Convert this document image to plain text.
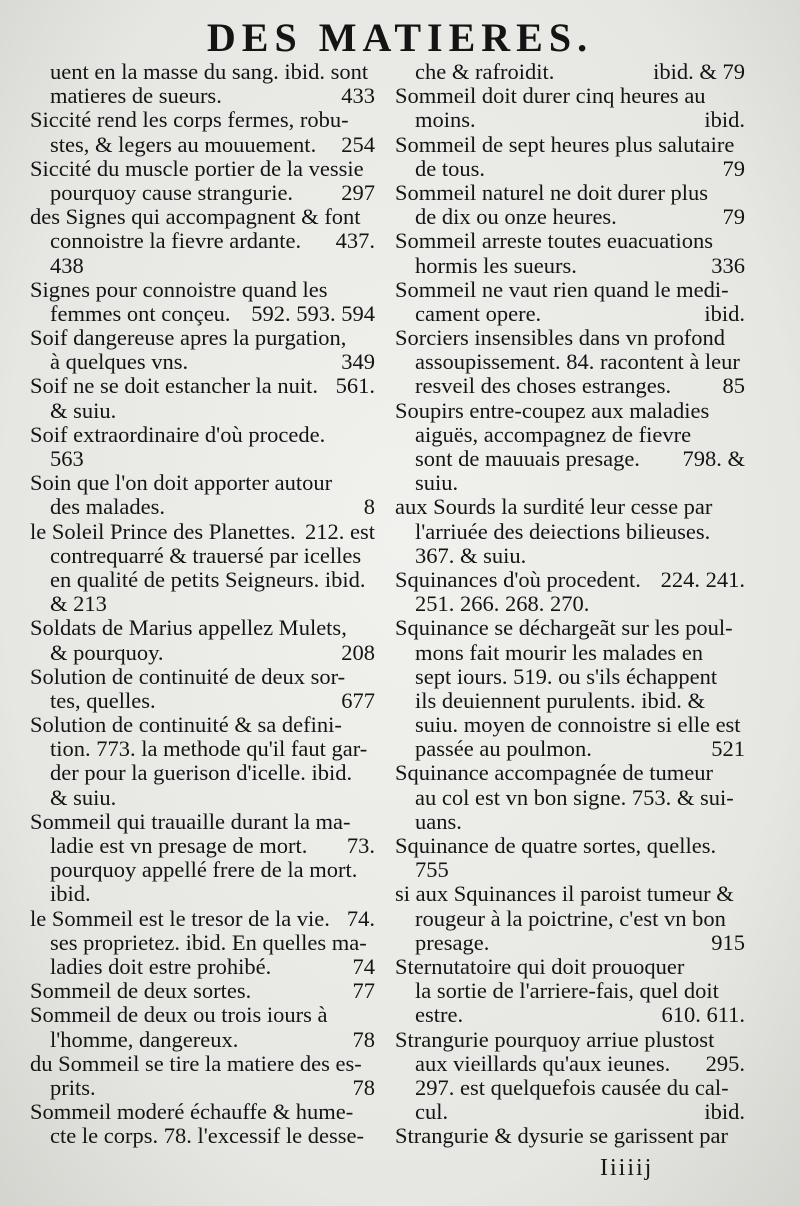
DES MATIERES.
uent en la masse du sang. ibid. sont
matieres de sueurs.	433
Siccité rend les corps fermes, robu-
stes, & legers au mouuement. 254
Siccité du muscle portier de la vessie
pourquoy cause strangurie. 297
des Signes qui accompagnent & font
connoistre la fievre ardante. 437.
438
Signes pour connoistre quand les
femmes ont conçeu. 592. 593. 594
Soif dangereuse apres la purgation,
à quelques vns.	349
Soif ne se doit estancher la nuit. 561.
& suiu.
Soif extraordinaire d'où procede.
563
Soin que l'on doit apporter autour
des malades.	8
le Soleil Prince des Planettes. 212. est
contrequarré & trauersé par icelles
en qualité de petits Seigneurs. ibid.
& 213
Soldats de Marius appellez Mulets,
& pourquoy.	208
Solution de continuité de deux sor-
tes, quelles.	677
Solution de continuité & sa defini-
tion. 773. la methode qu'il faut gar-
der pour la guerison d'icelle. ibid.
& suiu.
Sommeil qui trauaille durant la ma-
ladie est vn presage de mort. 73.
pourquoy appellé frere de la mort.
ibid.
le Sommeil est le tresor de la vie. 74.
ses proprietez. ibid. En quelles ma-
ladies doit estre prohibé.	74
Sommeil de deux sortes.	77
Sommeil de deux ou trois iours à
l'homme, dangereux.	78
du Sommeil se tire la matiere des es-
prits.	78
Sommeil moderé échauffe & hume-
cte le corps. 78. l'excessif le desse-
che & rafroidit.	ibid. & 79
Sommeil doit durer cinq heures au
moins.	ibid.
Sommeil de sept heures plus salutaire
de tous.	79
Sommeil naturel ne doit durer plus
de dix ou onze heures.	79
Sommeil arreste toutes euacuations
hormis les sueurs.	336
Sommeil ne vaut rien quand le medi-
cament opere.	ibid.
Sorciers insensibles dans vn profond
assoupissement. 84. racontent à leur
resveil des choses estranges. 85
Soupirs entre-coupez aux maladies
aiguës, accompagnez de fievre
sont de mauuais presage. 798. &
suiu.
aux Sourds la surdité leur cesse par
l'arriuée des deiections bilieuses.
367. & suiu.
Squinances d'où procedent. 224. 241.
251. 266. 268. 270.
Squinance se déchargeãt sur les poul-
mons fait mourir les malades en
sept iours. 519. ou s'ils échappent
ils deuiennent purulents. ibid. &
suiu. moyen de connoistre si elle est
passée au poulmon.	521
Squinance accompagnée de tumeur
au col est vn bon signe. 753. & sui-
uans.
Squinance de quatre sortes, quelles.
755
si aux Squinances il paroist tumeur &
rougeur à la poictrine, c'est vn bon
presage.	915
Sternutatoire qui doit prouoquer
la sortie de l'arriere-fais, quel doit
estre.	610. 611.
Strangurie pourquoy arriue plustost
aux vieillards qu'aux ieunes. 295.
297. est quelquefois causée du cal-
cul.	ibid.
Strangurie & dysurie se garissent par
Iiiiij
